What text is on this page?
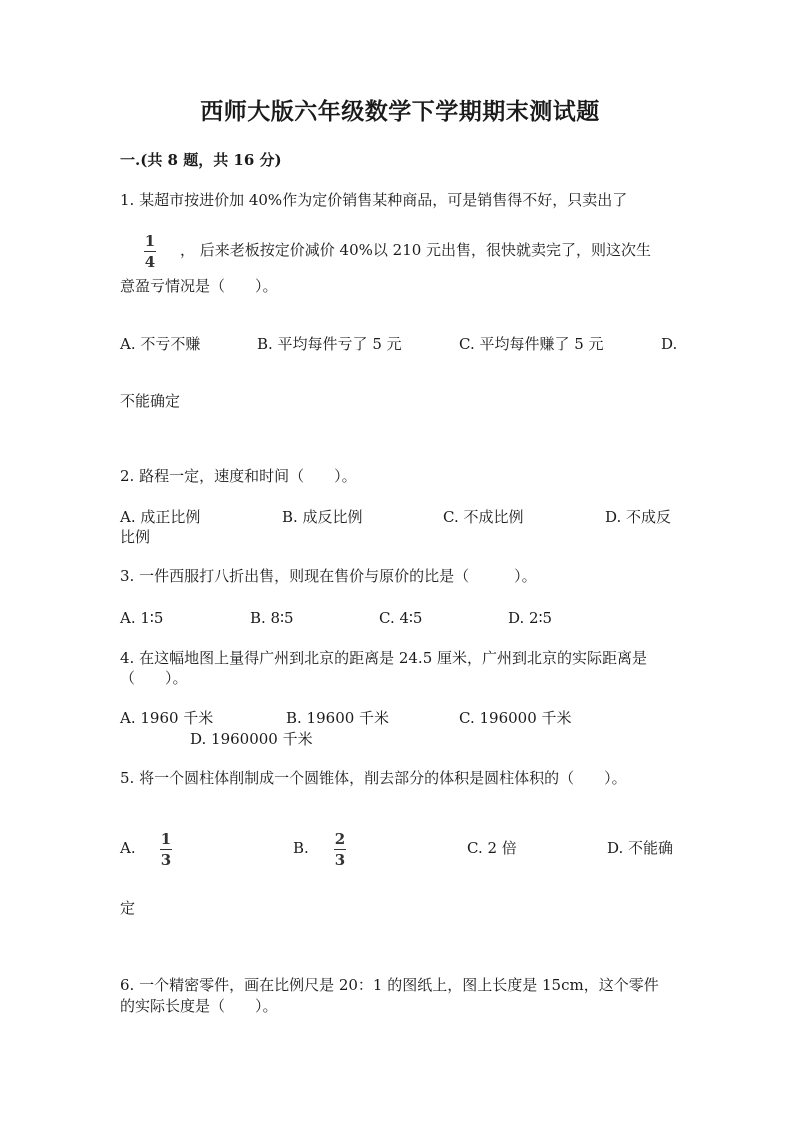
西师大版六年级数学下学期期末测试题
一.(共 8 题，共 16 分)
1. 某超市按进价加 40%作为定价销售某种商品，可是销售得不好，只卖出了
1
4
， 后来老板按定价减价 40%以 210 元出售，很快就卖完了，则这次生
意盈亏情况是（　　）。
A. 不亏不赚	B. 平均每件亏了 5 元	C. 平均每件赚了 5 元	D.
不能确定
2. 路程一定，速度和时间（　　）。
A. 成正比例	B. 成反比例	C. 不成比例	D. 不成反
比例
3. 一件西服打八折出售，则现在售价与原价的比是（　　　）。
A. 1∶5	B. 8∶5	C. 4∶5	D. 2∶5
4. 在这幅地图上量得广州到北京的距离是 24.5 厘米，广州到北京的实际距离是
（　　）。
A. 1960 千米	B. 19600 千米	C. 196000 千米
D. 1960000 千米
5. 将一个圆柱体削制成一个圆锥体，削去部分的体积是圆柱体积的（　　）。
A. 1
3
B. 2
3
C. 2 倍	D. 不能确
定
6. 一个精密零件，画在比例尺是 20：1 的图纸上，图上长度是 15cm，这个零件
的实际长度是（　　）。
